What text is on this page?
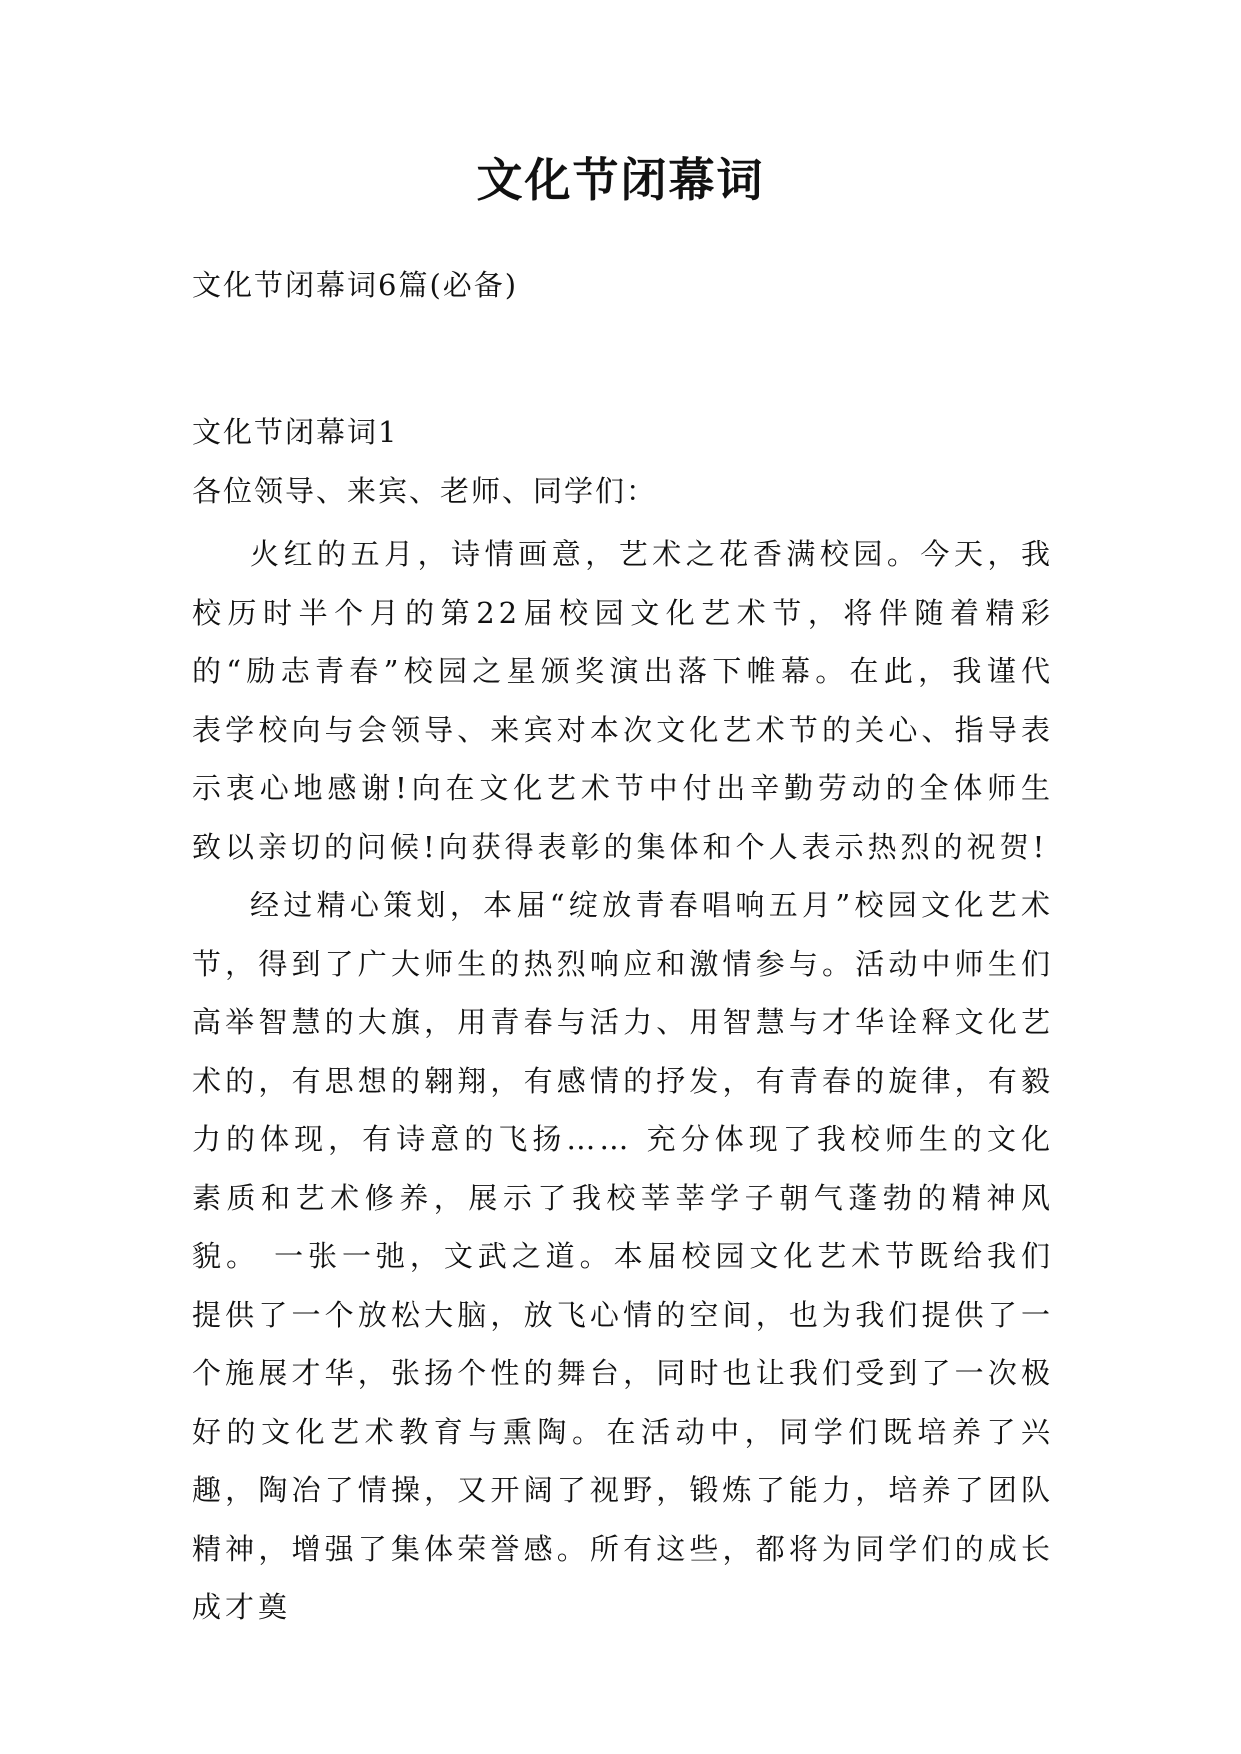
文化节闭幕词
文化节闭幕词6篇(必备)
文化节闭幕词1
各位领导、来宾、老师、同学们：

火红的五月，诗情画意，艺术之花香满校园。今天，我校历时半个月的第22届校园文化艺术节，将伴随着精彩的“励志青春”校园之星颁奖演出落下帷幕。在此，我谨代表学校向与会领导、来宾对本次文化艺术节的关心、指导表示衷心地感谢!向在文化艺术节中付出辛勤劳动的全体师生致以亲切的问候!向获得表彰的集体和个人表示热烈的祝贺!

经过精心策划，本届“绽放青春唱响五月”校园文化艺术节，得到了广大师生的热烈响应和激情参与。活动中师生们高举智慧的大旗，用青春与活力、用智慧与才华诠释文化艺术的，有思想的翱翔，有感情的抒发，有青春的旋律，有毅力的体现，有诗意的飞扬…… 充分体现了我校师生的文化素质和艺术修养，展示了我校莘莘学子朝气蓬勃的精神风貌。 一张一弛，文武之道。本届校园文化艺术节既给我们提供了一个放松大脑，放飞心情的空间，也为我们提供了一个施展才华，张扬个性的舞台，同时也让我们受到了一次极好的文化艺术教育与熏陶。在活动中，同学们既培养了兴趣，陶冶了情操，又开阔了视野，锻炼了能力，培养了团队精神，增强了集体荣誉感。所有这些，都将为同学们的成长成才奠
